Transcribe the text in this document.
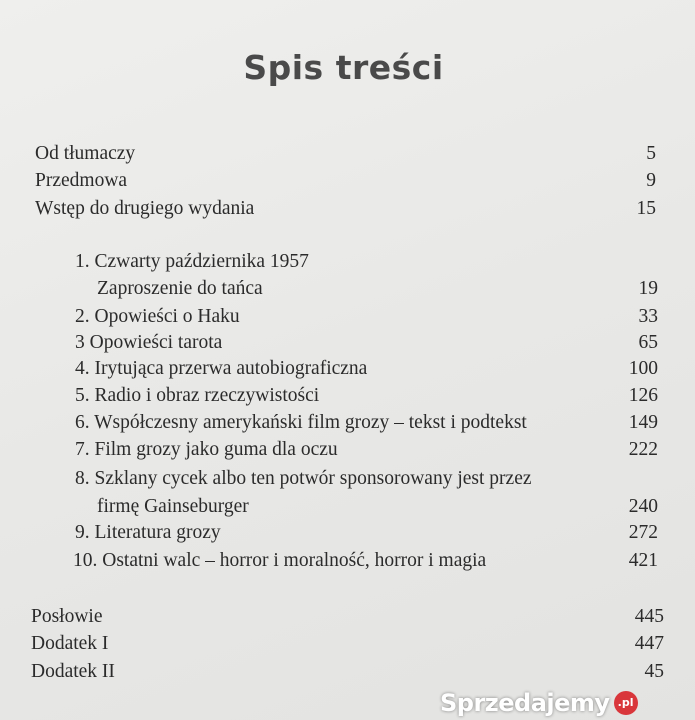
Spis treści
Od tłumaczy	5
Przedmowa	9
Wstęp do drugiego wydania	15
1. Czwarty października 1957
Zaproszenie do tańca	19
2. Opowieści o Haku	33
3 Opowieści tarota	65
4. Irytująca przerwa autobiograficzna	100
5. Radio i obraz rzeczywistości	126
6. Współczesny amerykański film grozy – tekst i podtekst	149
7. Film grozy jako guma dla oczu	222
8. Szklany cycek albo ten potwór sponsorowany jest przez
firmę Gainseburger	240
9. Literatura grozy	272
10. Ostatni walc – horror i moralność, horror i magia	421
Posłowie	445
Dodatek I	447
Dodatek II	45
Sprzedajemy .pl
